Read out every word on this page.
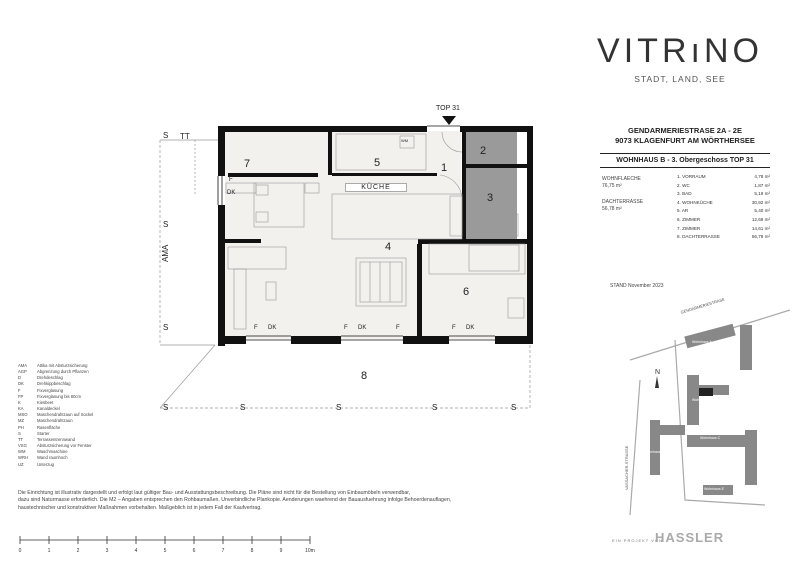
TOP 31
KÜCHE
AMA
TT	WM
7	5	1
2
3
4
6
8
S
S
S
S	S	S	S	S
F
DK
F DK	F DK	F	F DK
VITRıNO
STADT, LAND, SEE
GENDARMERIESTRASE 2A - 2E
9073 KLAGENFURT AM WÖRTHERSEE
WOHNHAUS B - 3. Obergeschoss TOP 31
WOHNFLAECHE
76,75 m²
DACHTERRASSE
56,78 m²
1. VORRAUM	4,78 m²
2. WC	1,87 m²
3. BAD	5,19 m²
4. WOHNKÜCHE	30,92 m²
5. AR	5,40 m²
6. ZIMMER	12,69 m²
7. ZIMMER	14,61 m²
8. DACHTERRASSE	56,78 m²
STAND November 2023
N
GENDARMERIESTRASE
VASSACHER-STRASSE
Wohnhaus A
Wohnhaus B
Wohnhaus C
Wohnhaus D
Wohnhaus E
AMA	Attika mit Absturzsicherung
AGP	Abgrenzung durch Pflanzen
D	Drehdeschlag
DK	Drehkippbeschlag
F	Fixverglasung
FP	Fixverglasung bis 80cm
K	Kiesbeet
KA	Kanaldeckel
MSO	Maschendrahtzaun auf Sockel
MZ	Maschendrahtzaun
PH	Rasenfläche
S	Starter
TT	Terrassentrennwand
VSG	Absturzsicherung vor Fenster
WM	Waschmaschine
WRH	Wand raumhoch
UZ	Unterzug
Die Einrichtung ist illustrativ dargestellt und erfolgt laut gültiger Bau- und Ausstattungsbeschreibung. Die Pläne sind nicht für die Bestellung von Einbaumöbeln verwendbar,
dazu sind Naturmasse erforderlich. Die M2 – Angaben entsprechen den Rohbaumaßen. Unverbindliche Plankopie. Aenderungen waehrend der Bauausfuehrung infolge Behoerdenauflagen,
haustechnischer und konstruktiver Maßnahmen vorbehalten. Maßgeblich ist in jedem Fall der Kaufvertrag.
0	1	2	3	4	5	6	7	8	9	10m
EIN PROJEKT VON
HASSLER
